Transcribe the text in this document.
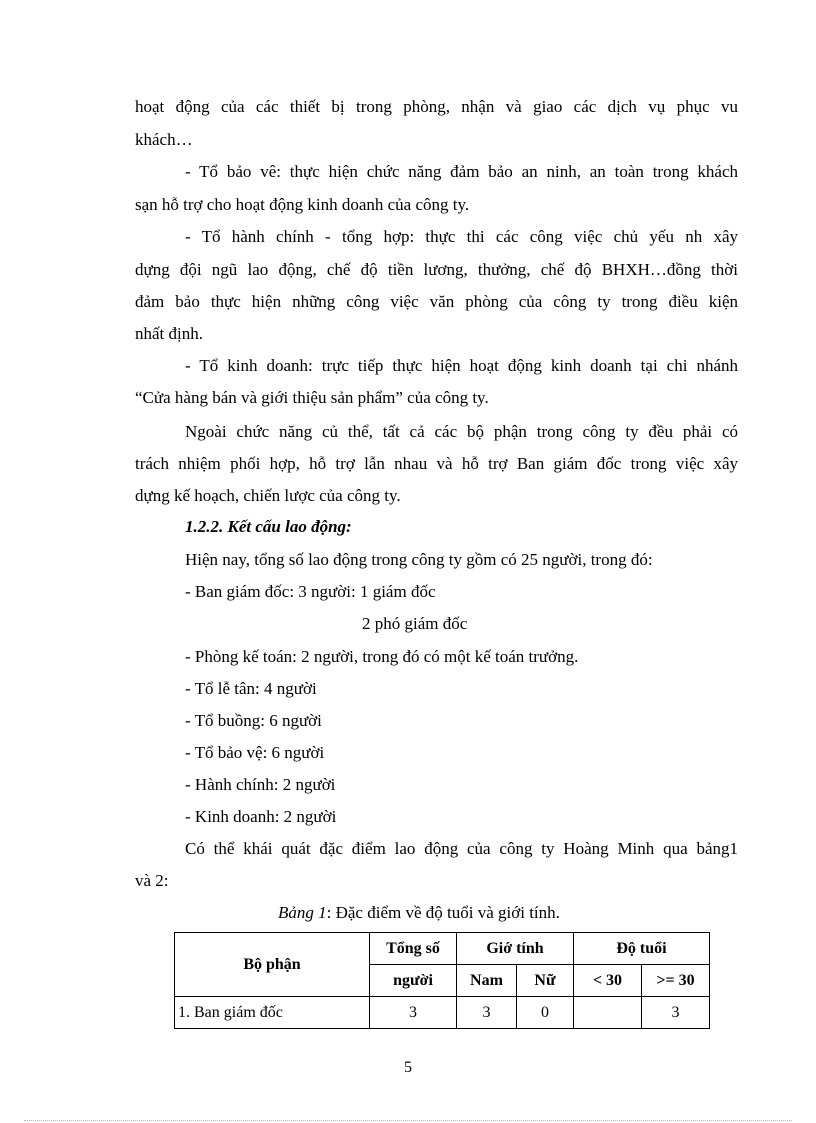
hoạt động của các thiết bị trong phòng, nhận và giao các dịch vụ phục vu
khách…
- Tổ bảo vê: thực hiện chức năng đảm bảo an ninh, an toàn trong khách
sạn hỗ trợ cho hoạt động kinh doanh của công ty.
- Tổ hành chính - tổng hợp: thực thi các công việc chủ yếu nh xây
dựng đội ngũ lao động, chế độ tiền lương, thưởng, chế độ BHXH…đồng thời
đảm bảo thực hiện những công việc văn phòng của công ty trong điều kiện
nhất định.
- Tổ kinh doanh: trực tiếp thực hiện hoạt động kinh doanh tại chi nhánh
“Cửa hàng bán và giới thiệu sản phẩm” của công ty.
Ngoài chức năng củ thể, tất cả các bộ phận trong công ty đều phải có
trách nhiệm phối hợp, hỗ trợ lẫn nhau và hỗ trợ Ban giám đốc trong việc xây
dựng kế hoạch, chiến lược của công ty.
1.2.2. Kết cấu lao động:
Hiện nay, tổng số lao động trong công ty gồm có 25 người, trong đó:
- Ban giám đốc: 3 người: 1 giám đốc
2 phó giám đốc
- Phòng kế toán: 2 người, trong đó có một kế toán trưởng.
- Tổ lễ tân: 4 người
- Tổ buồng: 6 người
- Tổ bảo vệ: 6 người
- Hành chính: 2 người
- Kinh doanh: 2 người
Có thể khái quát đặc điểm lao động của công ty Hoàng Minh qua bảng1
và 2:
Bảng 1: Đặc điểm về độ tuổi và giới tính.
Bộ phận	Tổng số	Giớ tính		Độ tuổi	
	người	Nam	Nữ	< 30	>= 30
1. Ban giám đốc	3	3	0		3
5
